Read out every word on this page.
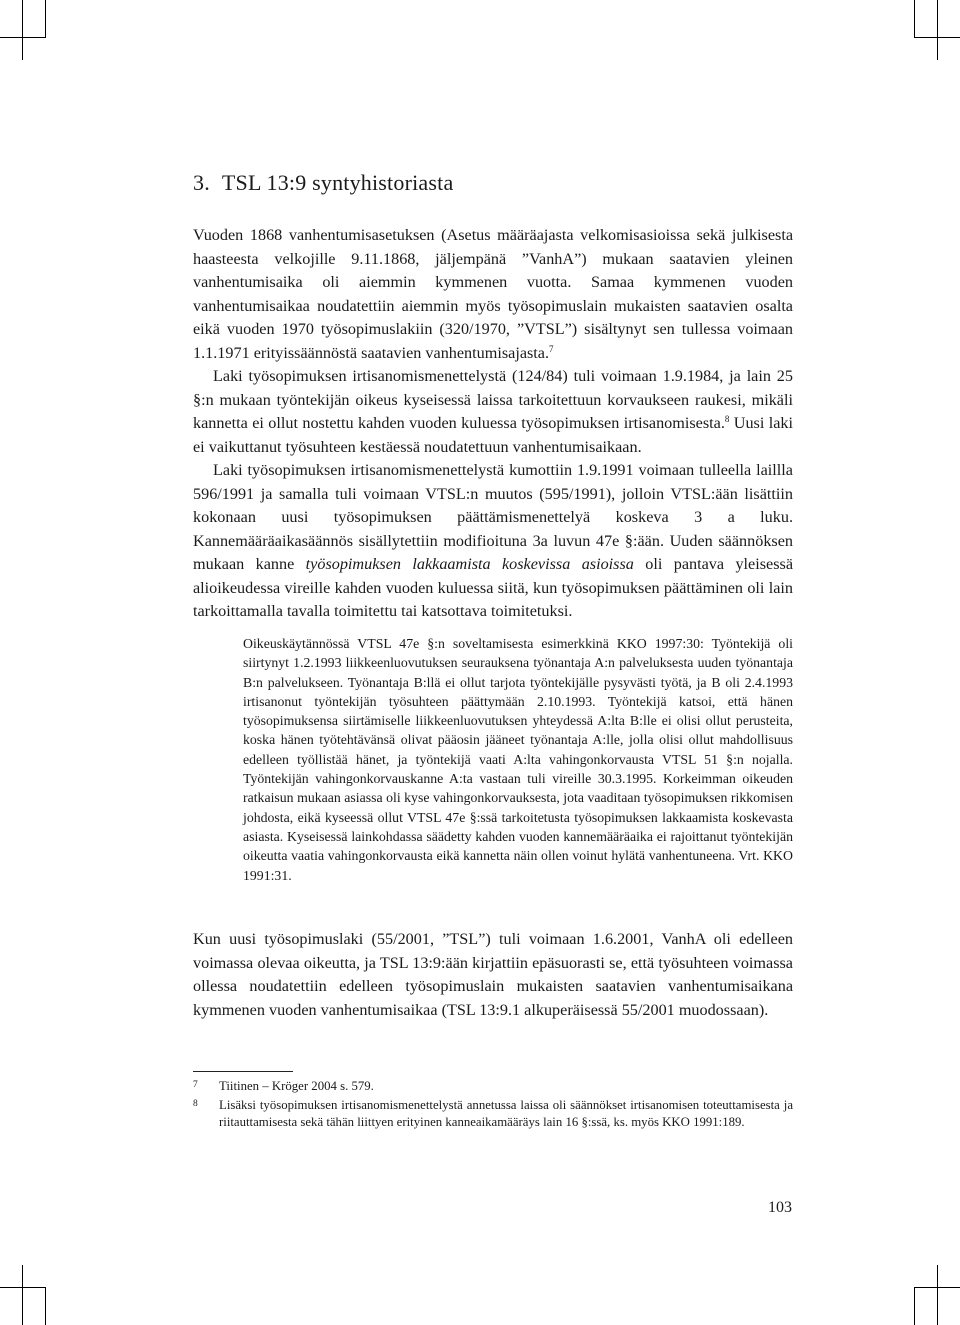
3. TSL 13:9 syntyhistoriasta

Vuoden 1868 vanhentumisasetuksen (Asetus määräajasta velkomisasioissa sekä julkisesta haasteesta velkojille 9.11.1868, jäljempänä ”VanhA”) mukaan saatavien yleinen vanhentumisaika oli aiemmin kymmenen vuotta. Samaa kymmenen vuoden vanhentumisaikaa noudatettiin aiemmin myös työsopimuslain mukaisten saatavien osalta eikä vuoden 1970 työsopimuslakiin (320/1970, ”VTSL”) sisältynyt sen tullessa voimaan 1.1.1971 erityissäännöstä saatavien vanhentumisajasta.$^7$

Laki työsopimuksen irtisanomismenettelystä (124/84) tuli voimaan 1.9.1984, ja lain 25 §:n mukaan työntekijän oikeus kyseisessä laissa tarkoitettuun korvaukseen raukesi, mikäli kannetta ei ollut nostettu kahden vuoden kuluessa työsopimuksen irtisanomisesta.$^8$ Uusi laki ei vaikuttanut työsuhteen kestäessä noudatettuun vanhentumisaikaan.

Laki työsopimuksen irtisanomismenettelystä kumottiin 1.9.1991 voimaan tulleella laillla 596/1991 ja samalla tuli voimaan VTSL:n muutos (595/1991), jolloin VTSL:ään lisättiin kokonaan uusi työsopimuksen päättämismenettelyä koskeva 3 a luku. Kannemääräaikasäännös sisällytettiin modifioituna 3a luvun 47e §:ään. Uuden säännöksen mukaan kanne työsopimuksen lakkaamista koskevissa asioissa oli pantava yleisessä alioikeudessa vireille kahden vuoden kuluessa siitä, kun työsopimuksen päättäminen oli lain tarkoittamalla tavalla toimitettu tai katsottava toimitetuksi.

Oikeuskäytännössä VTSL 47e §:n soveltamisesta esimerkkinä KKO 1997:30: Työntekijä oli siirtynyt 1.2.1993 liikkeenluovutuksen seurauksena työnantaja A:n palveluksesta uuden työnantaja B:n palvelukseen. Työnantaja B:llä ei ollut tarjota työntekijälle pysyvästi työtä, ja B oli 2.4.1993 irtisanonut työntekijän työsuhteen päättymään 2.10.1993. Työntekijä katsoi, että hänen työsopimuksensa siirtämiselle liikkeenluovutuksen yhteydessä A:lta B:lle ei olisi ollut perusteita, koska hänen työtehtävänsä olivat pääosin jääneet työnantaja A:lle, jolla olisi ollut mahdollisuus edelleen työllistää hänet, ja työntekijä vaati A:lta vahingonkorvausta VTSL 51 §:n nojalla. Työntekijän vahingonkorvauskanne A:ta vastaan tuli vireille 30.3.1995. Korkeimman oikeuden ratkaisun mukaan asiassa oli kyse vahingonkorvauksesta, jota vaaditaan työsopimuksen rikkomisen johdosta, eikä kyseessä ollut VTSL 47e §:ssä tarkoitetusta työsopimuksen lakkaamista koskevasta asiasta. Kyseisessä lainkohdassa säädetty kahden vuoden kannemääräaika ei rajoittanut työntekijän oikeutta vaatia vahingonkorvausta eikä kannetta näin ollen voinut hylätä vanhentuneena. Vrt. KKO 1991:31.

Kun uusi työsopimuslaki (55/2001, ”TSL”) tuli voimaan 1.6.2001, VanhA oli edelleen voimassa olevaa oikeutta, ja TSL 13:9:ään kirjattiin epäsuorasti se, että työsuhteen voimassa ollessa noudatettiin edelleen työsopimuslain mukaisten saatavien vanhentumisaikana kymmenen vuoden vanhentumisaikaa (TSL 13:9.1 alkuperäisessä 55/2001 muodossaan).

7	Tiitinen – Kröger 2004 s. 579.
8	Lisäksi työsopimuksen irtisanomismenettelystä annetussa laissa oli säännökset irtisanomisen toteuttamisesta ja riitauttamisesta sekä tähän liittyen erityinen kanneaikamääräys lain 16 §:ssä, ks. myös KKO 1991:189.
103
